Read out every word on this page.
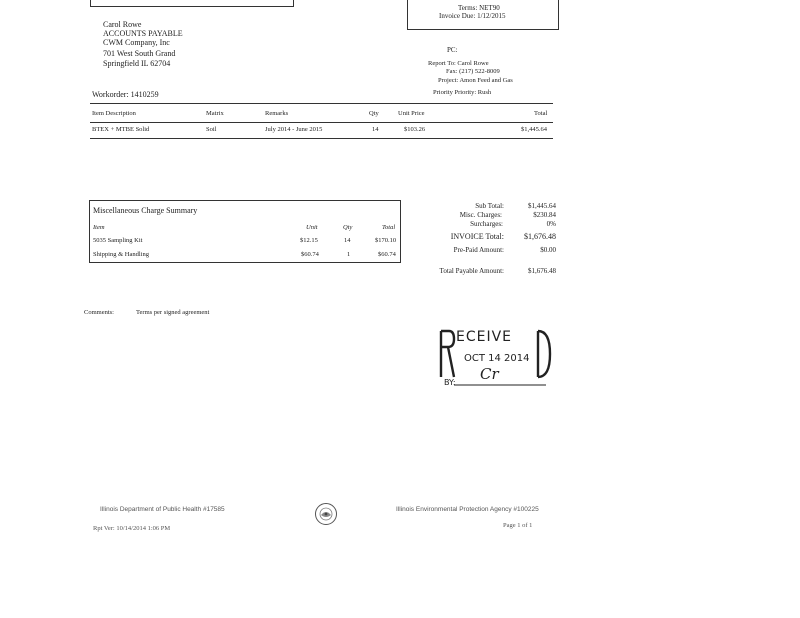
Terms: NET90
Invoice Due: 1/12/2015
Carol Rowe
ACCOUNTS PAYABLE
CWM Company, Inc
701 West South Grand
Springfield IL 62704
PC:
Report To: Carol Rowe
Fax: (217) 522-8009
Project: Amon Feed and Gas
Priority Priority: Rush
Workorder: 1410259
Item Description	Matrix	Remarks	Qty	Unit Price	Total
BTEX + MTBE Solid	Soil	July 2014 - June 2015	14	$103.26	$1,445.64
Miscellaneous Charge Summary
Item	Unit	Qty	Total
5035 Sampling Kit	$12.15	14	$170.10
Shipping & Handling	$60.74	1	$60.74
Sub Total:	$1,445.64
Misc. Charges:	$230.84
Surcharges:	0%
INVOICE Total:	$1,676.48
Pre-Paid Amount:	$0.00
Total Payable Amount:	$1,676.48
Comments:	Terms per signed agreement
ECEIVE
OCT 14 2014
BY: Cr
Illinois Department of Public Health #17585	Illinois Environmental Protection Agency #100225
Rpt Ver: 10/14/2014 1:06 PM	Page 1 of 1
